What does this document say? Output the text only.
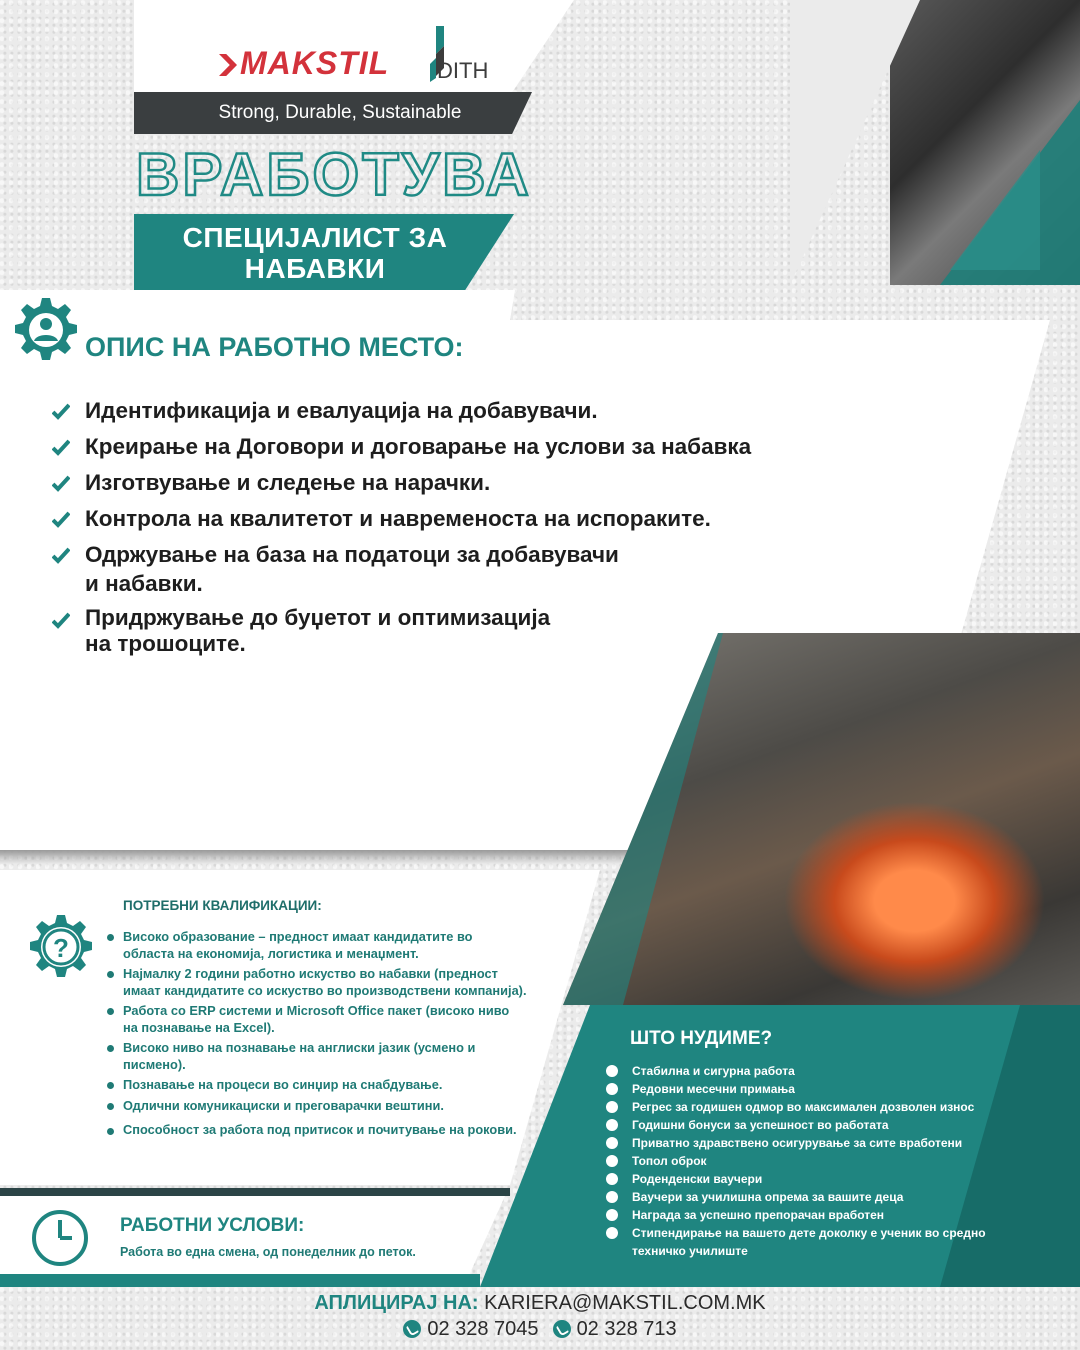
MAKSTIL DITH
Strong, Durable, Sustainable
ВРАБОТУВА
СПЕЦИЈАЛИСТ ЗА НАБАВКИ
ОПИС НА РАБОТНО МЕСТО:
Идентификација и евалуација на добавувачи.
Креирање на Договори и договарање на услови за набавка
Изготвување и следење на нарачки.
Контрола на квалитетот и навременоста на испораките.
Одржување на база на податоци за добавувачи
и набавки.
Придржување до буџетот и оптимизација
на трошоците.
ПОТРЕБНИ КВАЛИФИКАЦИИ:
?	Високо образование – предност имаат кандидатите во областа на економија, логистика и менаџмент.
Најмалку 2 години работно искуство во набавки (предност имаат кандидатите со искуство во производствени компанија).
Работа со ERP системи и Microsoft Office пакет (високо ниво на познавање на Excel).
Високо ниво на познавање на англиски јазик (усмено и писмено).
Познавање на процеси во синџир на снабдување.
Одлични комуникациски и преговарачки вештини.
Способност за работа под притисок и почитување на рокови.
ШТО НУДИМЕ?
Стабилна и сигурна работа
Редовни месечни примања
Регрес за годишен одмор во максимален дозволен износ
Годишни бонуси за успешност во работата
Приватно здравствено осигурување за сите вработени
Топол оброк
Роденденски ваучери
Ваучери за училишна опрема за вашите деца
Награда за успешно препорачан вработен
Стипендирање на вашето дете доколку е ученик во средно техничко училиште
РАБОТНИ УСЛОВИ:
Работа во една смена, од понеделник до петок.
АПЛИЦИРАЈ НА: KARIERA@MAKSTIL.COM.MK
02 328 7045 02 328 713
